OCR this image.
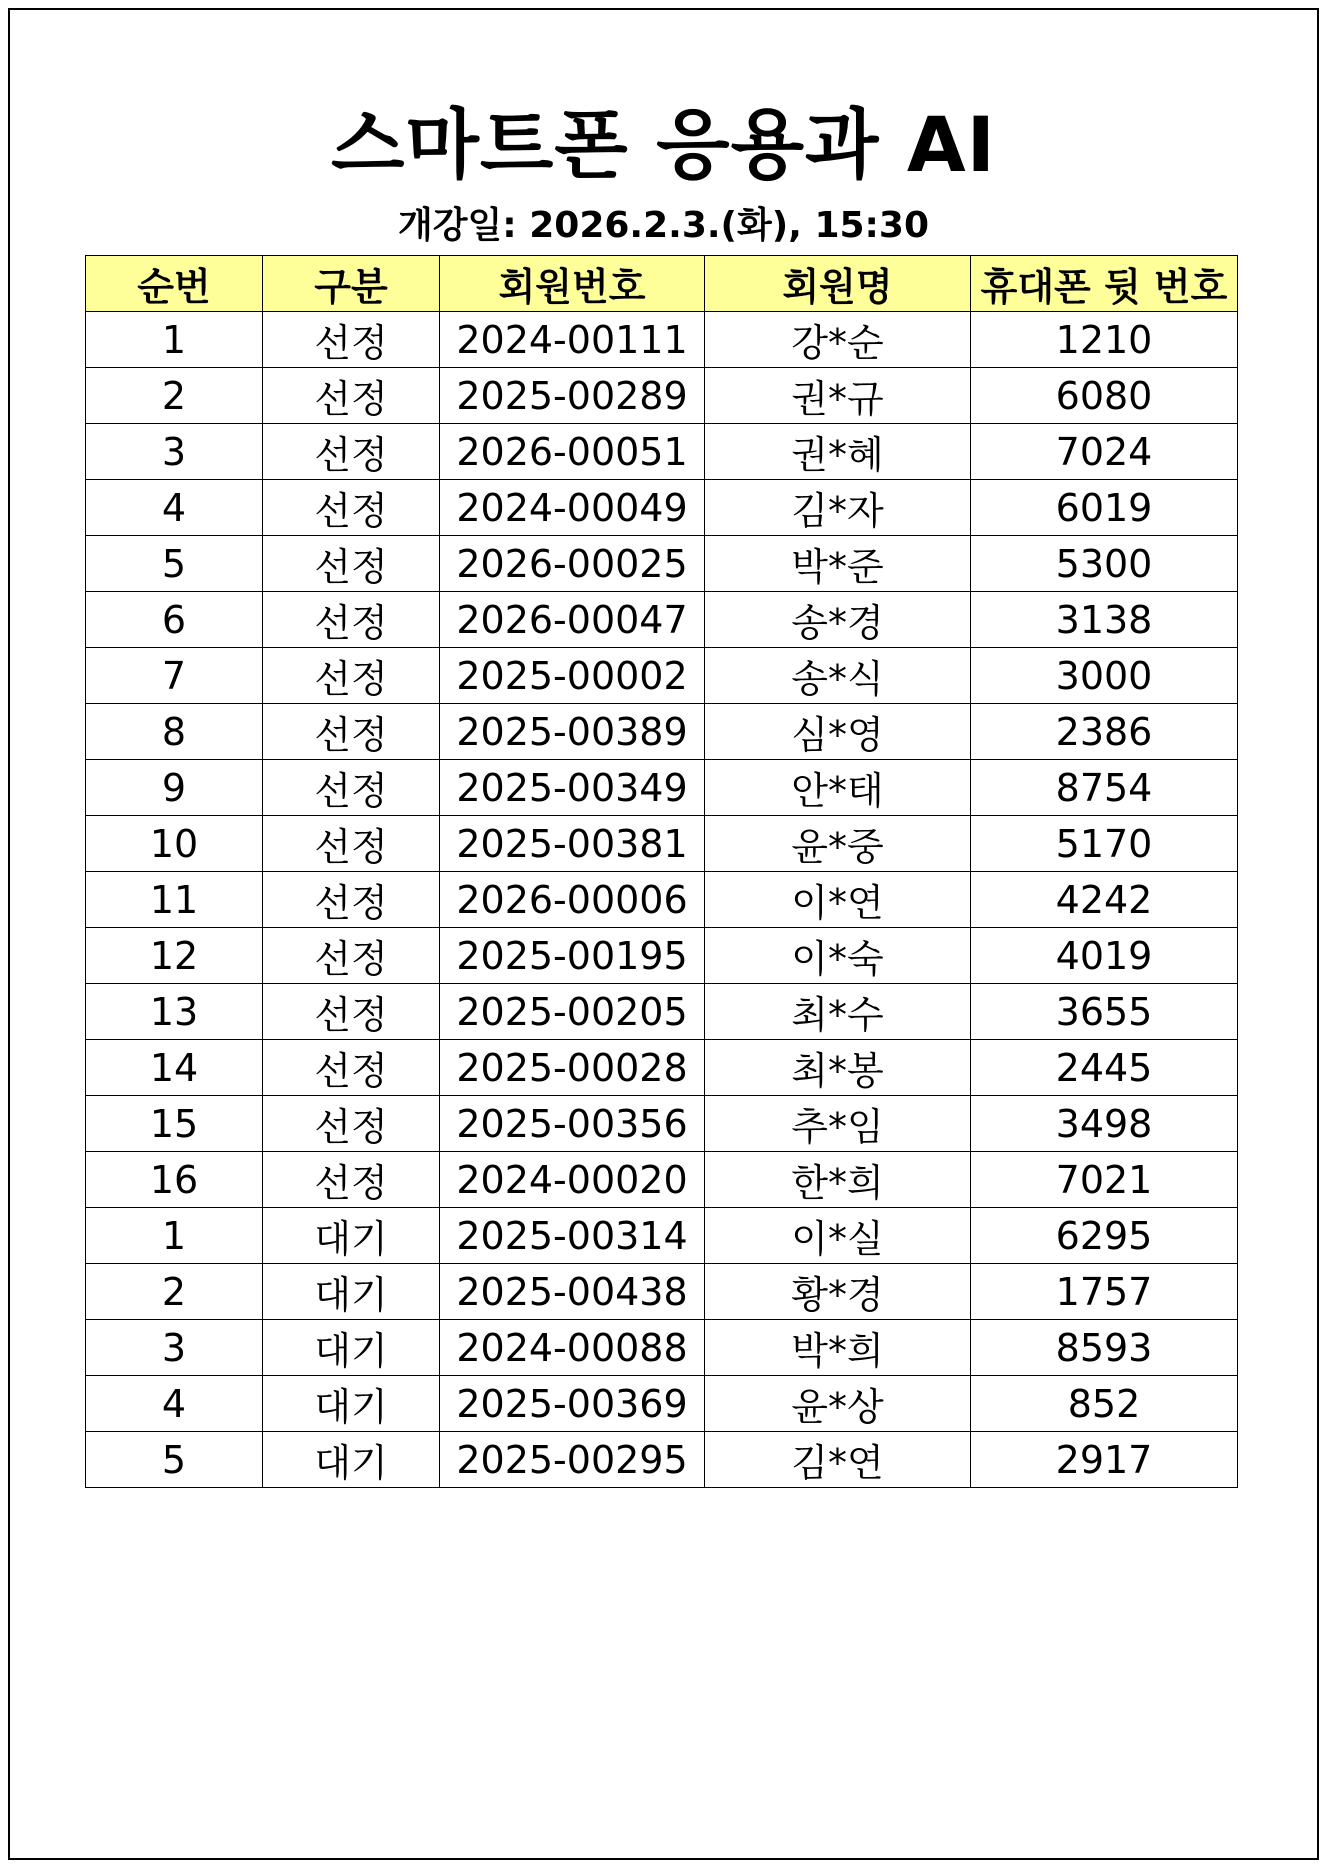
스마트폰 응용과 AI
개강일: 2026.2.3.(화), 15:30
순번	구분	회원번호	회원명	휴대폰 뒷 번호
1	선정	2024-00111	강*순	1210
2	선정	2025-00289	권*규	6080
3	선정	2026-00051	권*혜	7024
4	선정	2024-00049	김*자	6019
5	선정	2026-00025	박*준	5300
6	선정	2026-00047	송*경	3138
7	선정	2025-00002	송*식	3000
8	선정	2025-00389	심*영	2386
9	선정	2025-00349	안*태	8754
10	선정	2025-00381	윤*중	5170
11	선정	2026-00006	이*연	4242
12	선정	2025-00195	이*숙	4019
13	선정	2025-00205	최*수	3655
14	선정	2025-00028	최*봉	2445
15	선정	2025-00356	추*임	3498
16	선정	2024-00020	한*희	7021
1	대기	2025-00314	이*실	6295
2	대기	2025-00438	황*경	1757
3	대기	2024-00088	박*희	8593
4	대기	2025-00369	윤*상	852
5	대기	2025-00295	김*연	2917
